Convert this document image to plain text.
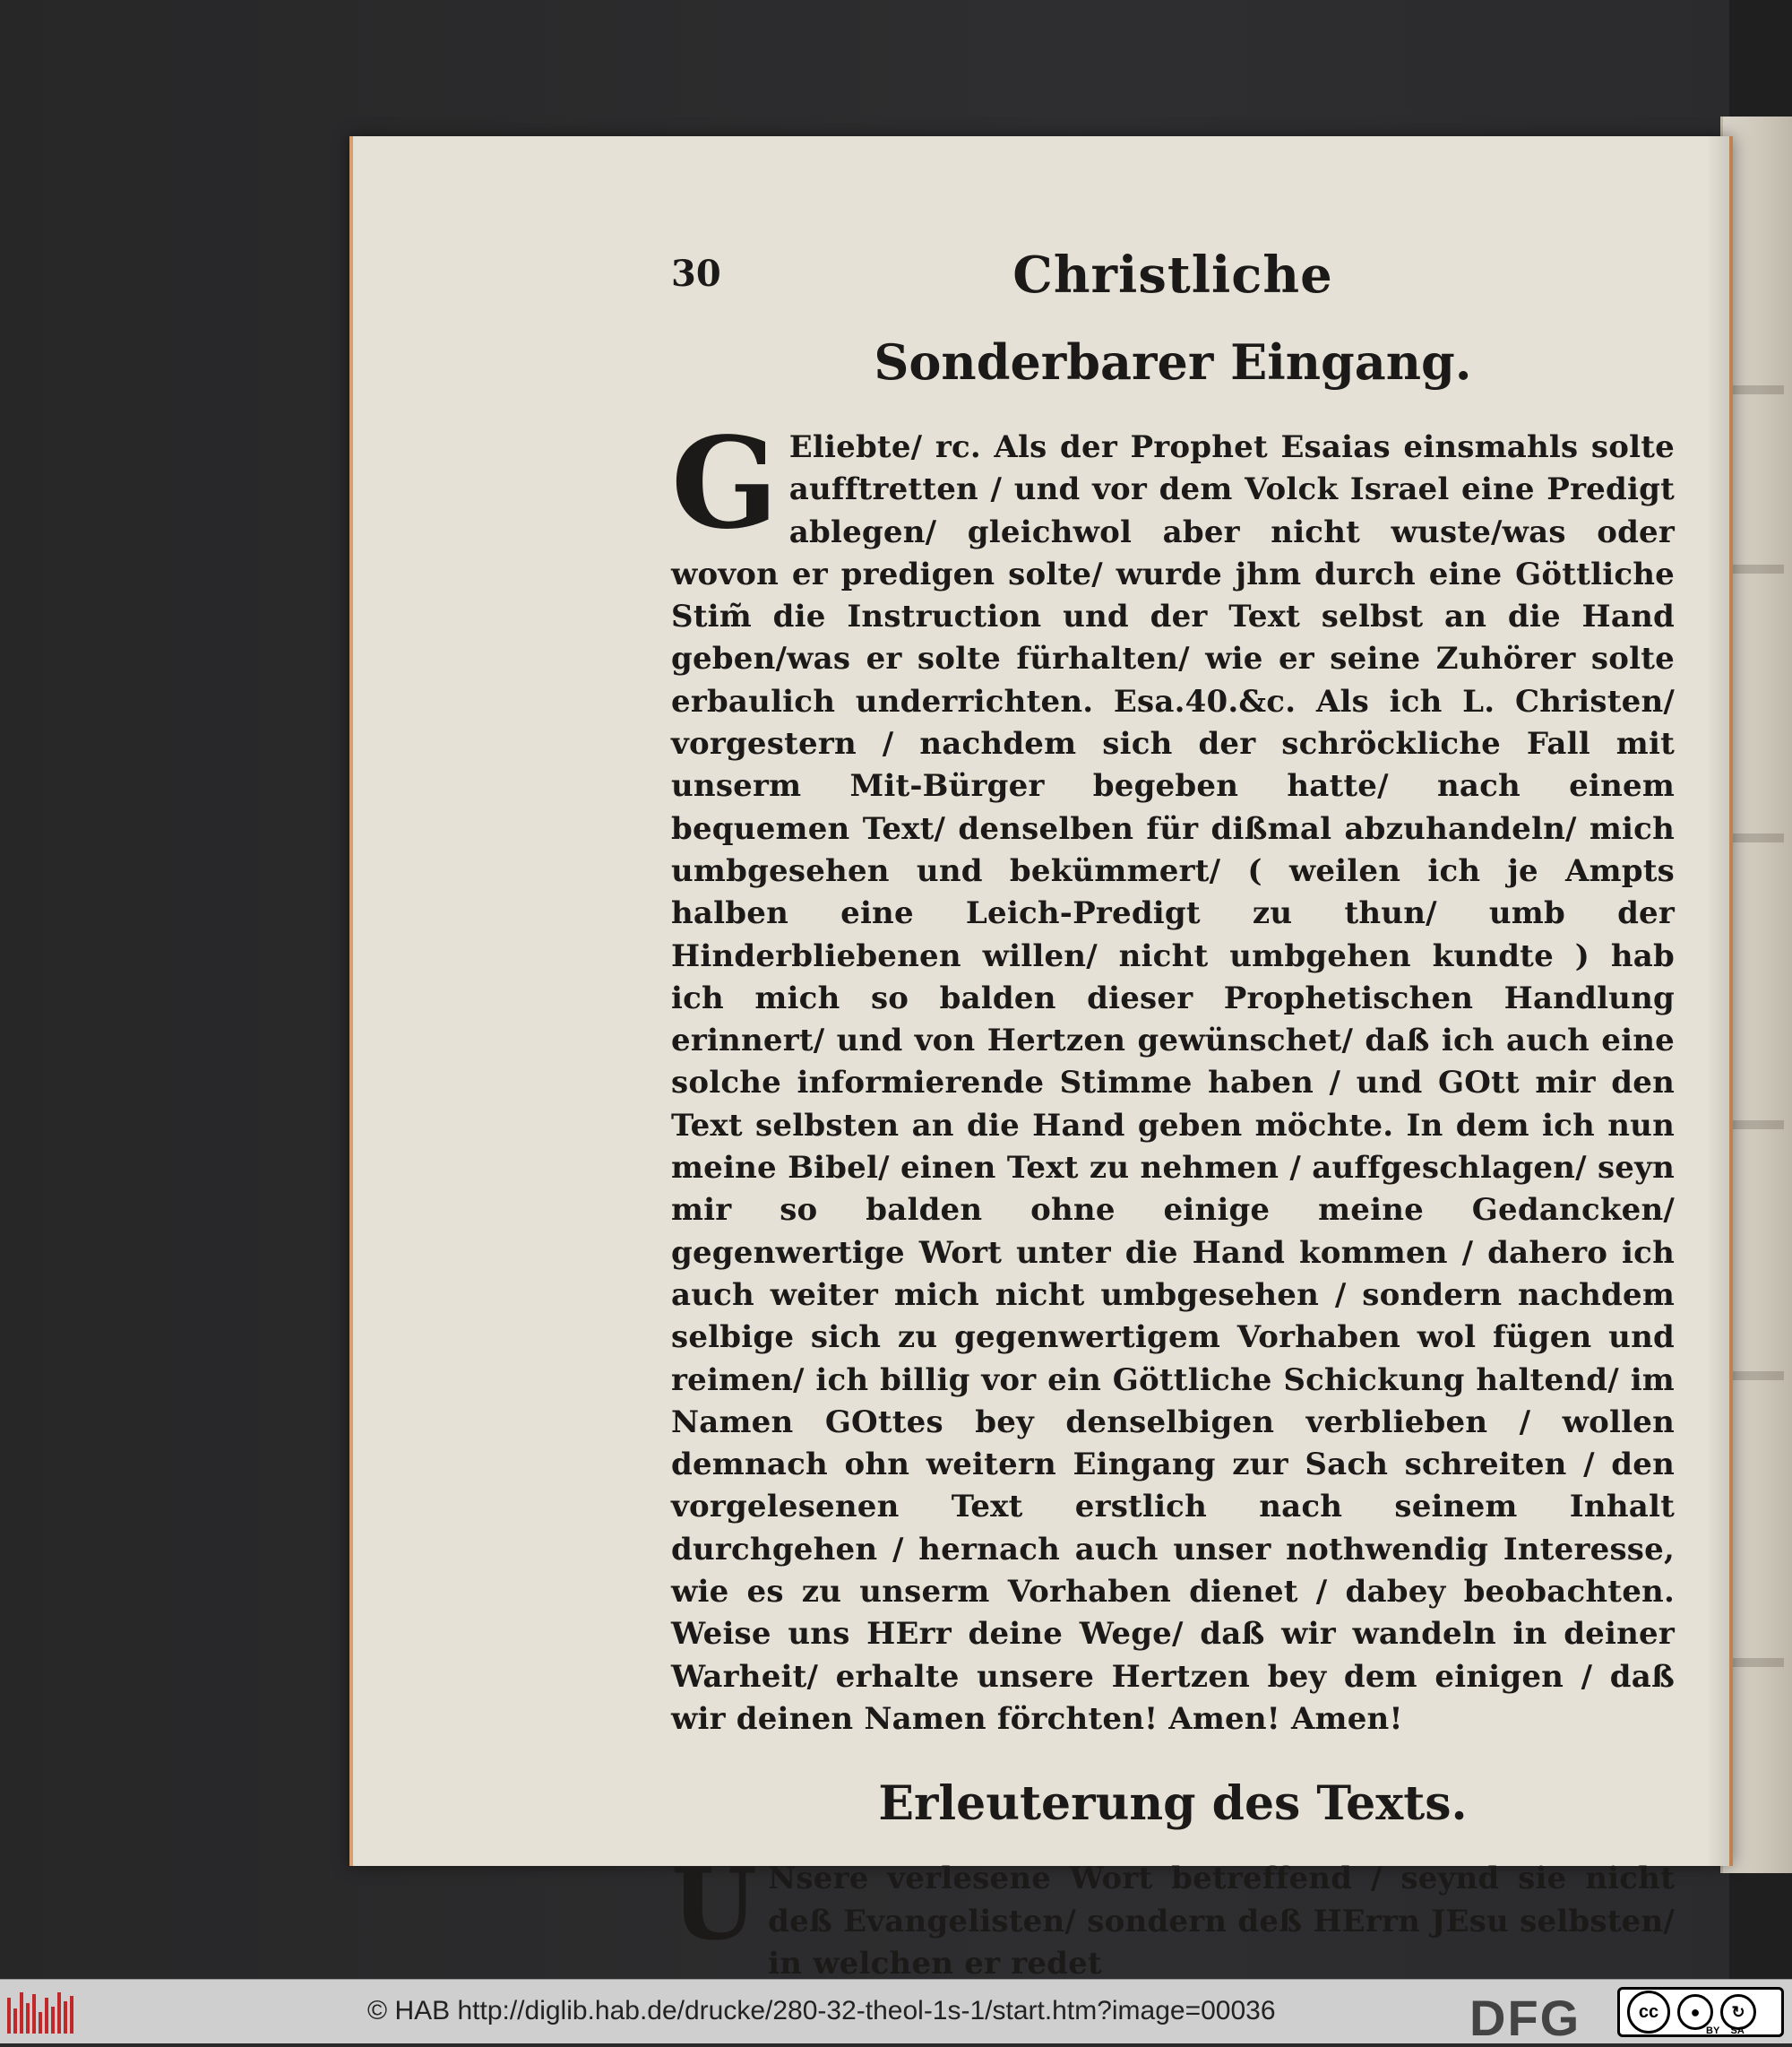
30	Christliche
Sonderbarer Eingang.
G Eliebte/ rc. Als der Prophet Esaias einsmahls solte aufftretten / und vor dem Volck Israel eine Predigt ablegen/ gleichwol aber nicht wuste/was oder wovon er predigen solte/ wurde jhm durch eine Göttliche Stim̃ die Instruction und der Text selbst an die Hand geben/was er solte fürhalten/ wie er seine Zuhörer solte erbaulich underrichten. Esa.40.&c. Als ich L. Christen/ vorgestern / nachdem sich der schröckliche Fall mit unserm Mit-Bürger begeben hatte/ nach einem bequemen Text/ denselben für dißmal abzuhandeln/ mich umbgesehen und bekümmert/ ( weilen ich je Ampts halben eine Leich-Predigt zu thun/ umb der Hinderbliebenen willen/ nicht umbgehen kundte ) hab ich mich so balden dieser Prophetischen Handlung erinnert/ und von Hertzen gewünschet/ daß ich auch eine solche informierende Stimme haben / und GOtt mir den Text selbsten an die Hand geben möchte. In dem ich nun meine Bibel/ einen Text zu nehmen / auffgeschlagen/ seyn mir so balden ohne einige meine Gedancken/ gegenwertige Wort unter die Hand kommen / dahero ich auch weiter mich nicht umbgesehen / sondern nachdem selbige sich zu gegenwertigem Vorhaben wol fügen und reimen/ ich billig vor ein Göttliche Schickung haltend/ im Namen GOttes bey denselbigen verblieben / wollen demnach ohn weitern Eingang zur Sach schreiten / den vorgelesenen Text erstlich nach seinem Inhalt durchgehen / hernach auch unser nothwendig Interesse, wie es zu unserm Vorhaben dienet / dabey beobachten. Weise uns HErr deine Wege/ daß wir wandeln in deiner Warheit/ erhalte unsere Hertzen bey dem einigen / daß wir deinen Namen förchten! Amen! Amen!
Erleuterung des Texts.
U Nsere verlesene Wort betreffend / seynd sie nicht deß Evangelisten/ sondern deß HErrn JEsu selbsten/ in welchen er redet
© HAB http://diglib.hab.de/drucke/280-32-theol-1s-1/start.htm?image=00036	DFG	cc	●	↻
BY SA
